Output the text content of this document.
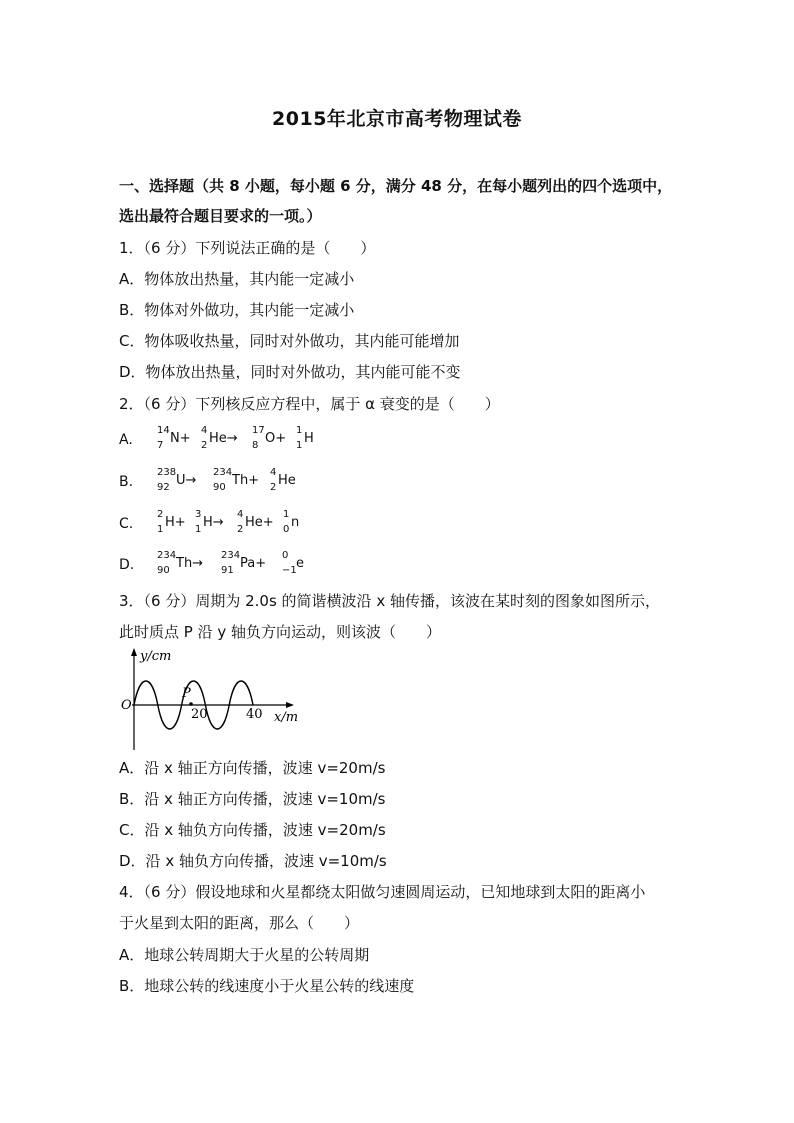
2015年北京市高考物理试卷
一、选择题（共 8 小题，每小题 6 分，满分 48 分，在每小题列出的四个选项中，
选出最符合题目要求的一项。）
1．（6 分）下列说法正确的是（　　）
A．物体放出热量，其内能一定减小
B．物体对外做功，其内能一定减小
C．物体吸收热量，同时对外做功，其内能可能增加
D．物体放出热量，同时对外做功，其内能可能不变
2．（6 分）下列核反应方程中，属于 α 衰变的是（　　）
A.
14
7 N+
4
2 He→
17
8 O+
1
1 H
B.
238
92 U→
234
90 Th+
4
2 He
C.
2
1 H+
3
1 H→
4
2 He+
1
0 n
D.
234
90 Th→
234
91 Pa+
0
−1 e
3．（6 分）周期为 2.0s 的简谐横波沿 x 轴传播，该波在某时刻的图象如图所示，
此时质点 P 沿 y 轴负方向运动，则该波（　　）
P
y/cm
O
20	40 x/m
A．沿 x 轴正方向传播，波速 v=20m/s
B．沿 x 轴正方向传播，波速 v=10m/s
C．沿 x 轴负方向传播，波速 v=20m/s
D．沿 x 轴负方向传播，波速 v=10m/s
4．（6 分）假设地球和火星都绕太阳做匀速圆周运动，已知地球到太阳的距离小
于火星到太阳的距离，那么（　　）
A．地球公转周期大于火星的公转周期
B．地球公转的线速度小于火星公转的线速度
